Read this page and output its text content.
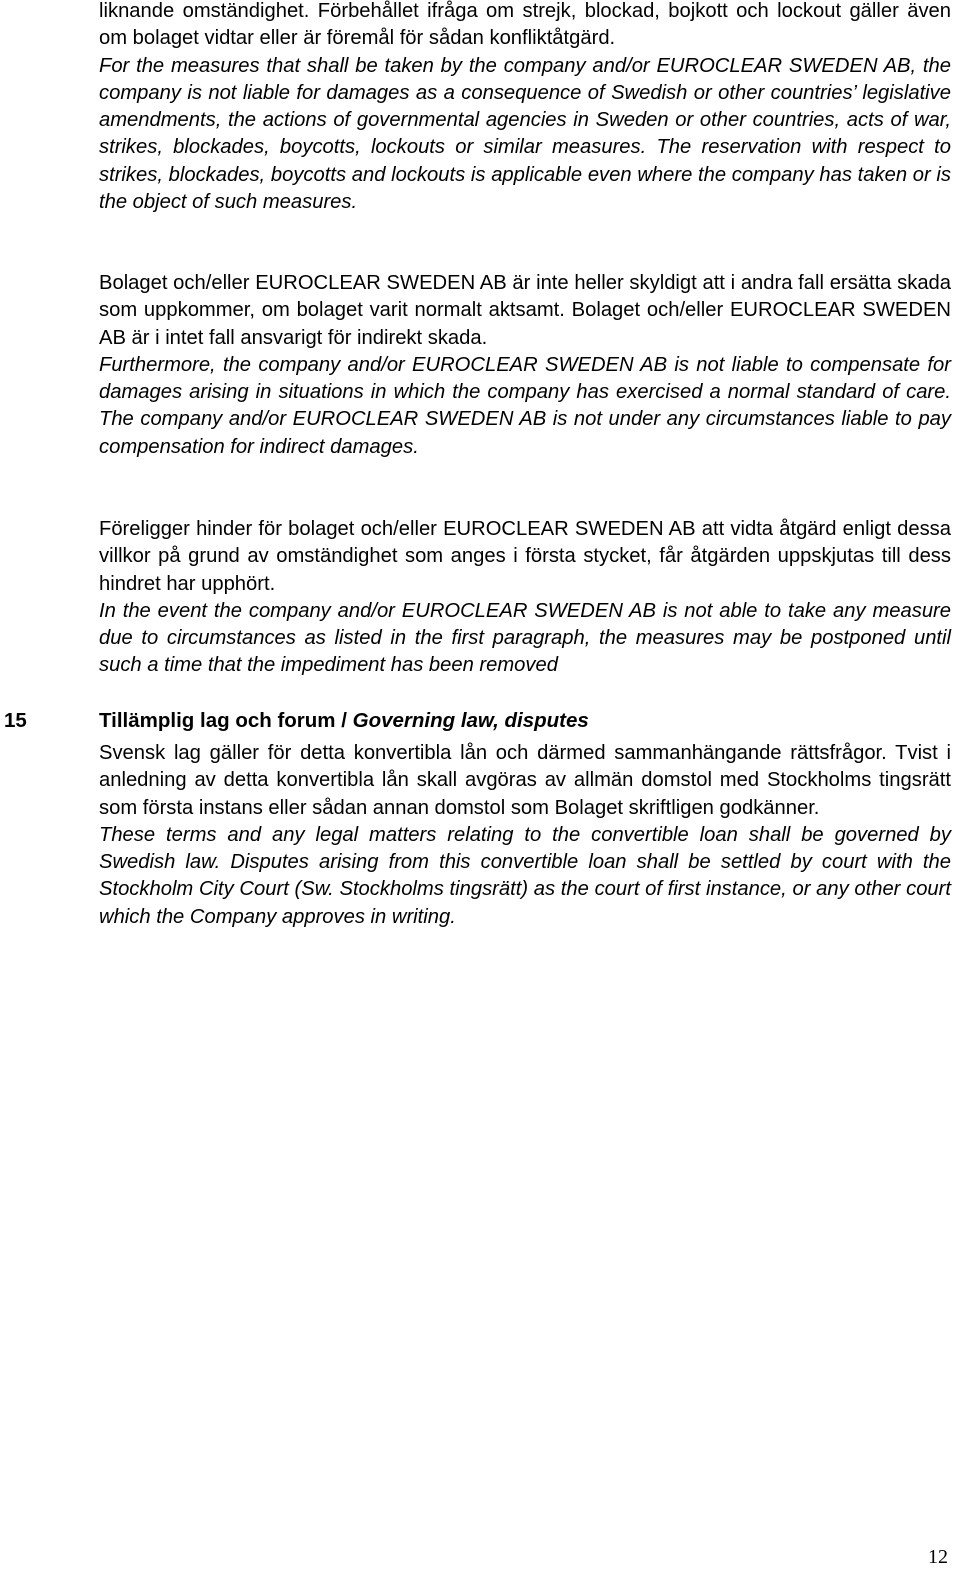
liknande omständighet. Förbehållet ifråga om strejk, blockad, bojkott och lockout gäller även om bolaget vidtar eller är föremål för sådan konfliktåtgärd.

For the measures that shall be taken by the company and/or EUROCLEAR SWEDEN AB, the company is not liable for damages as a consequence of Swedish or other countries’ legislative amendments, the actions of governmental agencies in Sweden or other countries, acts of war, strikes, blockades, boycotts, lockouts or similar measures. The reservation with respect to strikes, blockades, boycotts and lockouts is applicable even where the company has taken or is the object of such measures.

Bolaget och/eller EUROCLEAR SWEDEN AB är inte heller skyldigt att i andra fall ersätta skada som uppkommer, om bolaget varit normalt aktsamt. Bolaget och/eller EUROCLEAR SWEDEN AB är i intet fall ansvarigt för indirekt skada.

Furthermore, the company and/or EUROCLEAR SWEDEN AB is not liable to compensate for damages arising in situations in which the company has exercised a normal standard of care. The company and/or EUROCLEAR SWEDEN AB is not under any circumstances liable to pay compensation for indirect damages.

Föreligger hinder för bolaget och/eller EUROCLEAR SWEDEN AB att vidta åtgärd enligt dessa villkor på grund av omständighet som anges i första stycket, får åtgärden uppskjutas till dess hindret har upphört.

In the event the company and/or EUROCLEAR SWEDEN AB is not able to take any measure due to circumstances as listed in the first paragraph, the measures may be postponed until such a time that the impediment has been removed

15	Tillämplig lag och forum / Governing law, disputes

Svensk lag gäller för detta konvertibla lån och därmed sammanhängande rättsfrågor. Tvist i anledning av detta konvertibla lån skall avgöras av allmän domstol med Stockholms tingsrätt som första instans eller sådan annan domstol som Bolaget skriftligen godkänner.

These terms and any legal matters relating to the convertible loan shall be governed by Swedish law. Disputes arising from this convertible loan shall be settled by court with the Stockholm City Court (Sw. Stockholms tingsrätt) as the court of first instance, or any other court which the Company approves in writing.

12
